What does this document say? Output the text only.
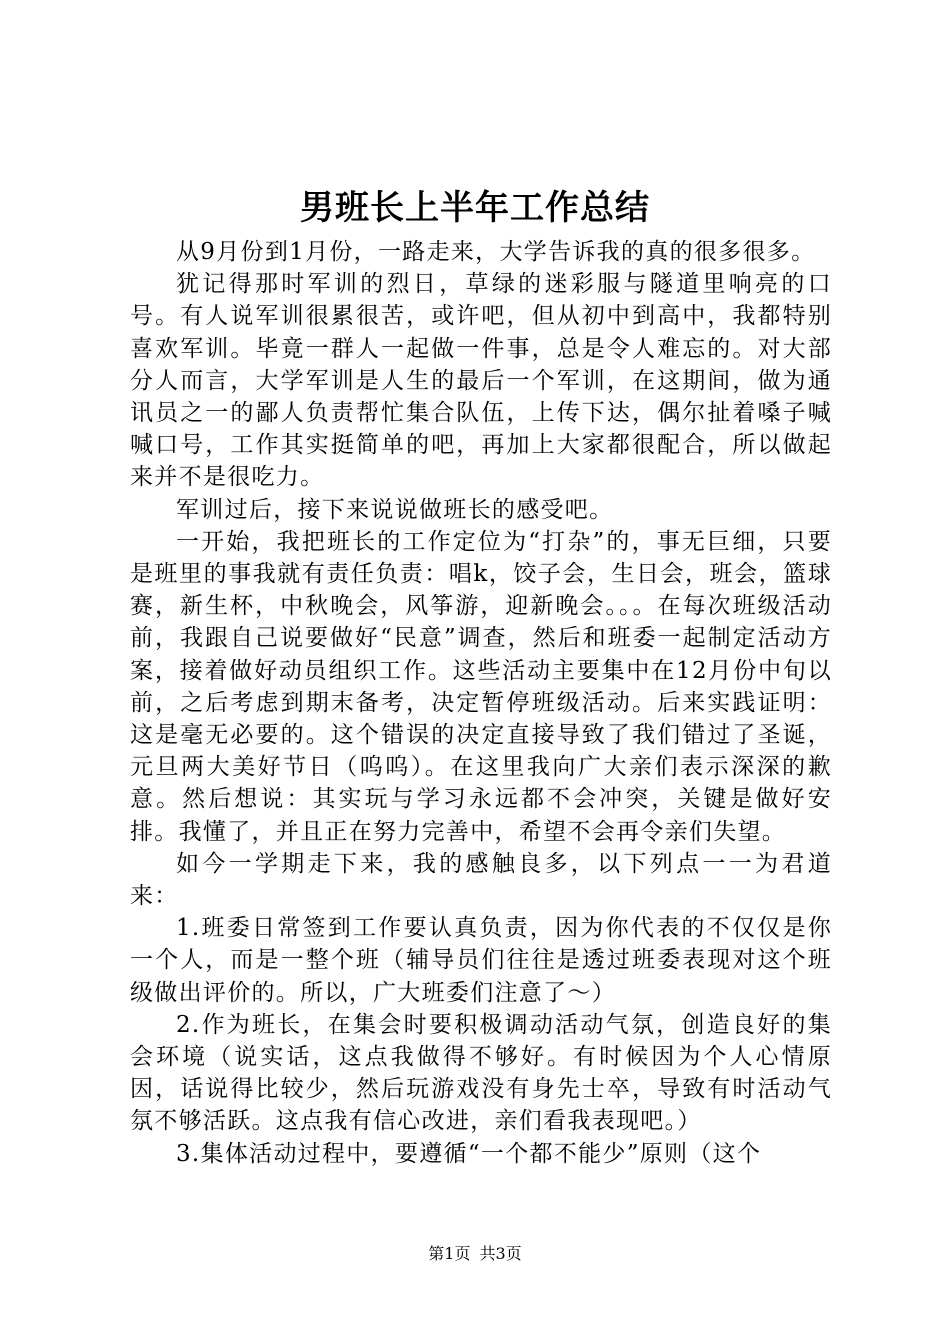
男班长上半年工作总结

从9月份到1月份，一路走来，大学告诉我的真的很多很多。

犹记得那时军训的烈日，草绿的迷彩服与隧道里响亮的口号。有人说军训很累很苦，或许吧，但从初中到高中，我都特别喜欢军训。毕竟一群人一起做一件事，总是令人难忘的。对大部分人而言，大学军训是人生的最后一个军训，在这期间，做为通讯员之一的鄙人负责帮忙集合队伍，上传下达，偶尔扯着嗓子喊喊口号，工作其实挺简单的吧，再加上大家都很配合，所以做起来并不是很吃力。

军训过后，接下来说说做班长的感受吧。

一开始，我把班长的工作定位为“打杂”的，事无巨细，只要是班里的事我就有责任负责：唱k，饺子会，生日会，班会，篮球赛，新生杯，中秋晚会，风筝游，迎新晚会。。。在每次班级活动前，我跟自己说要做好“民意”调查，然后和班委一起制定活动方案，接着做好动员组织工作。这些活动主要集中在12月份中旬以前，之后考虑到期末备考，决定暂停班级活动。后来实践证明：这是毫无必要的。这个错误的决定直接导致了我们错过了圣诞，元旦两大美好节日（呜呜）。在这里我向广大亲们表示深深的歉意。然后想说：其实玩与学习永远都不会冲突，关键是做好安排。我懂了，并且正在努力完善中，希望不会再令亲们失望。

如今一学期走下来，我的感触良多，以下列点一一为君道来：

1.班委日常签到工作要认真负责，因为你代表的不仅仅是你一个人，而是一整个班（辅导员们往往是透过班委表现对这个班级做出评价的。所以，广大班委们注意了～）

2.作为班长，在集会时要积极调动活动气氛，创造良好的集会环境（说实话，这点我做得不够好。有时候因为个人心情原因，话说得比较少，然后玩游戏没有身先士卒，导致有时活动气氛不够活跃。这点我有信心改进，亲们看我表现吧。）

3.集体活动过程中，要遵循“一个都不能少”原则（这个

第1页 共3页
